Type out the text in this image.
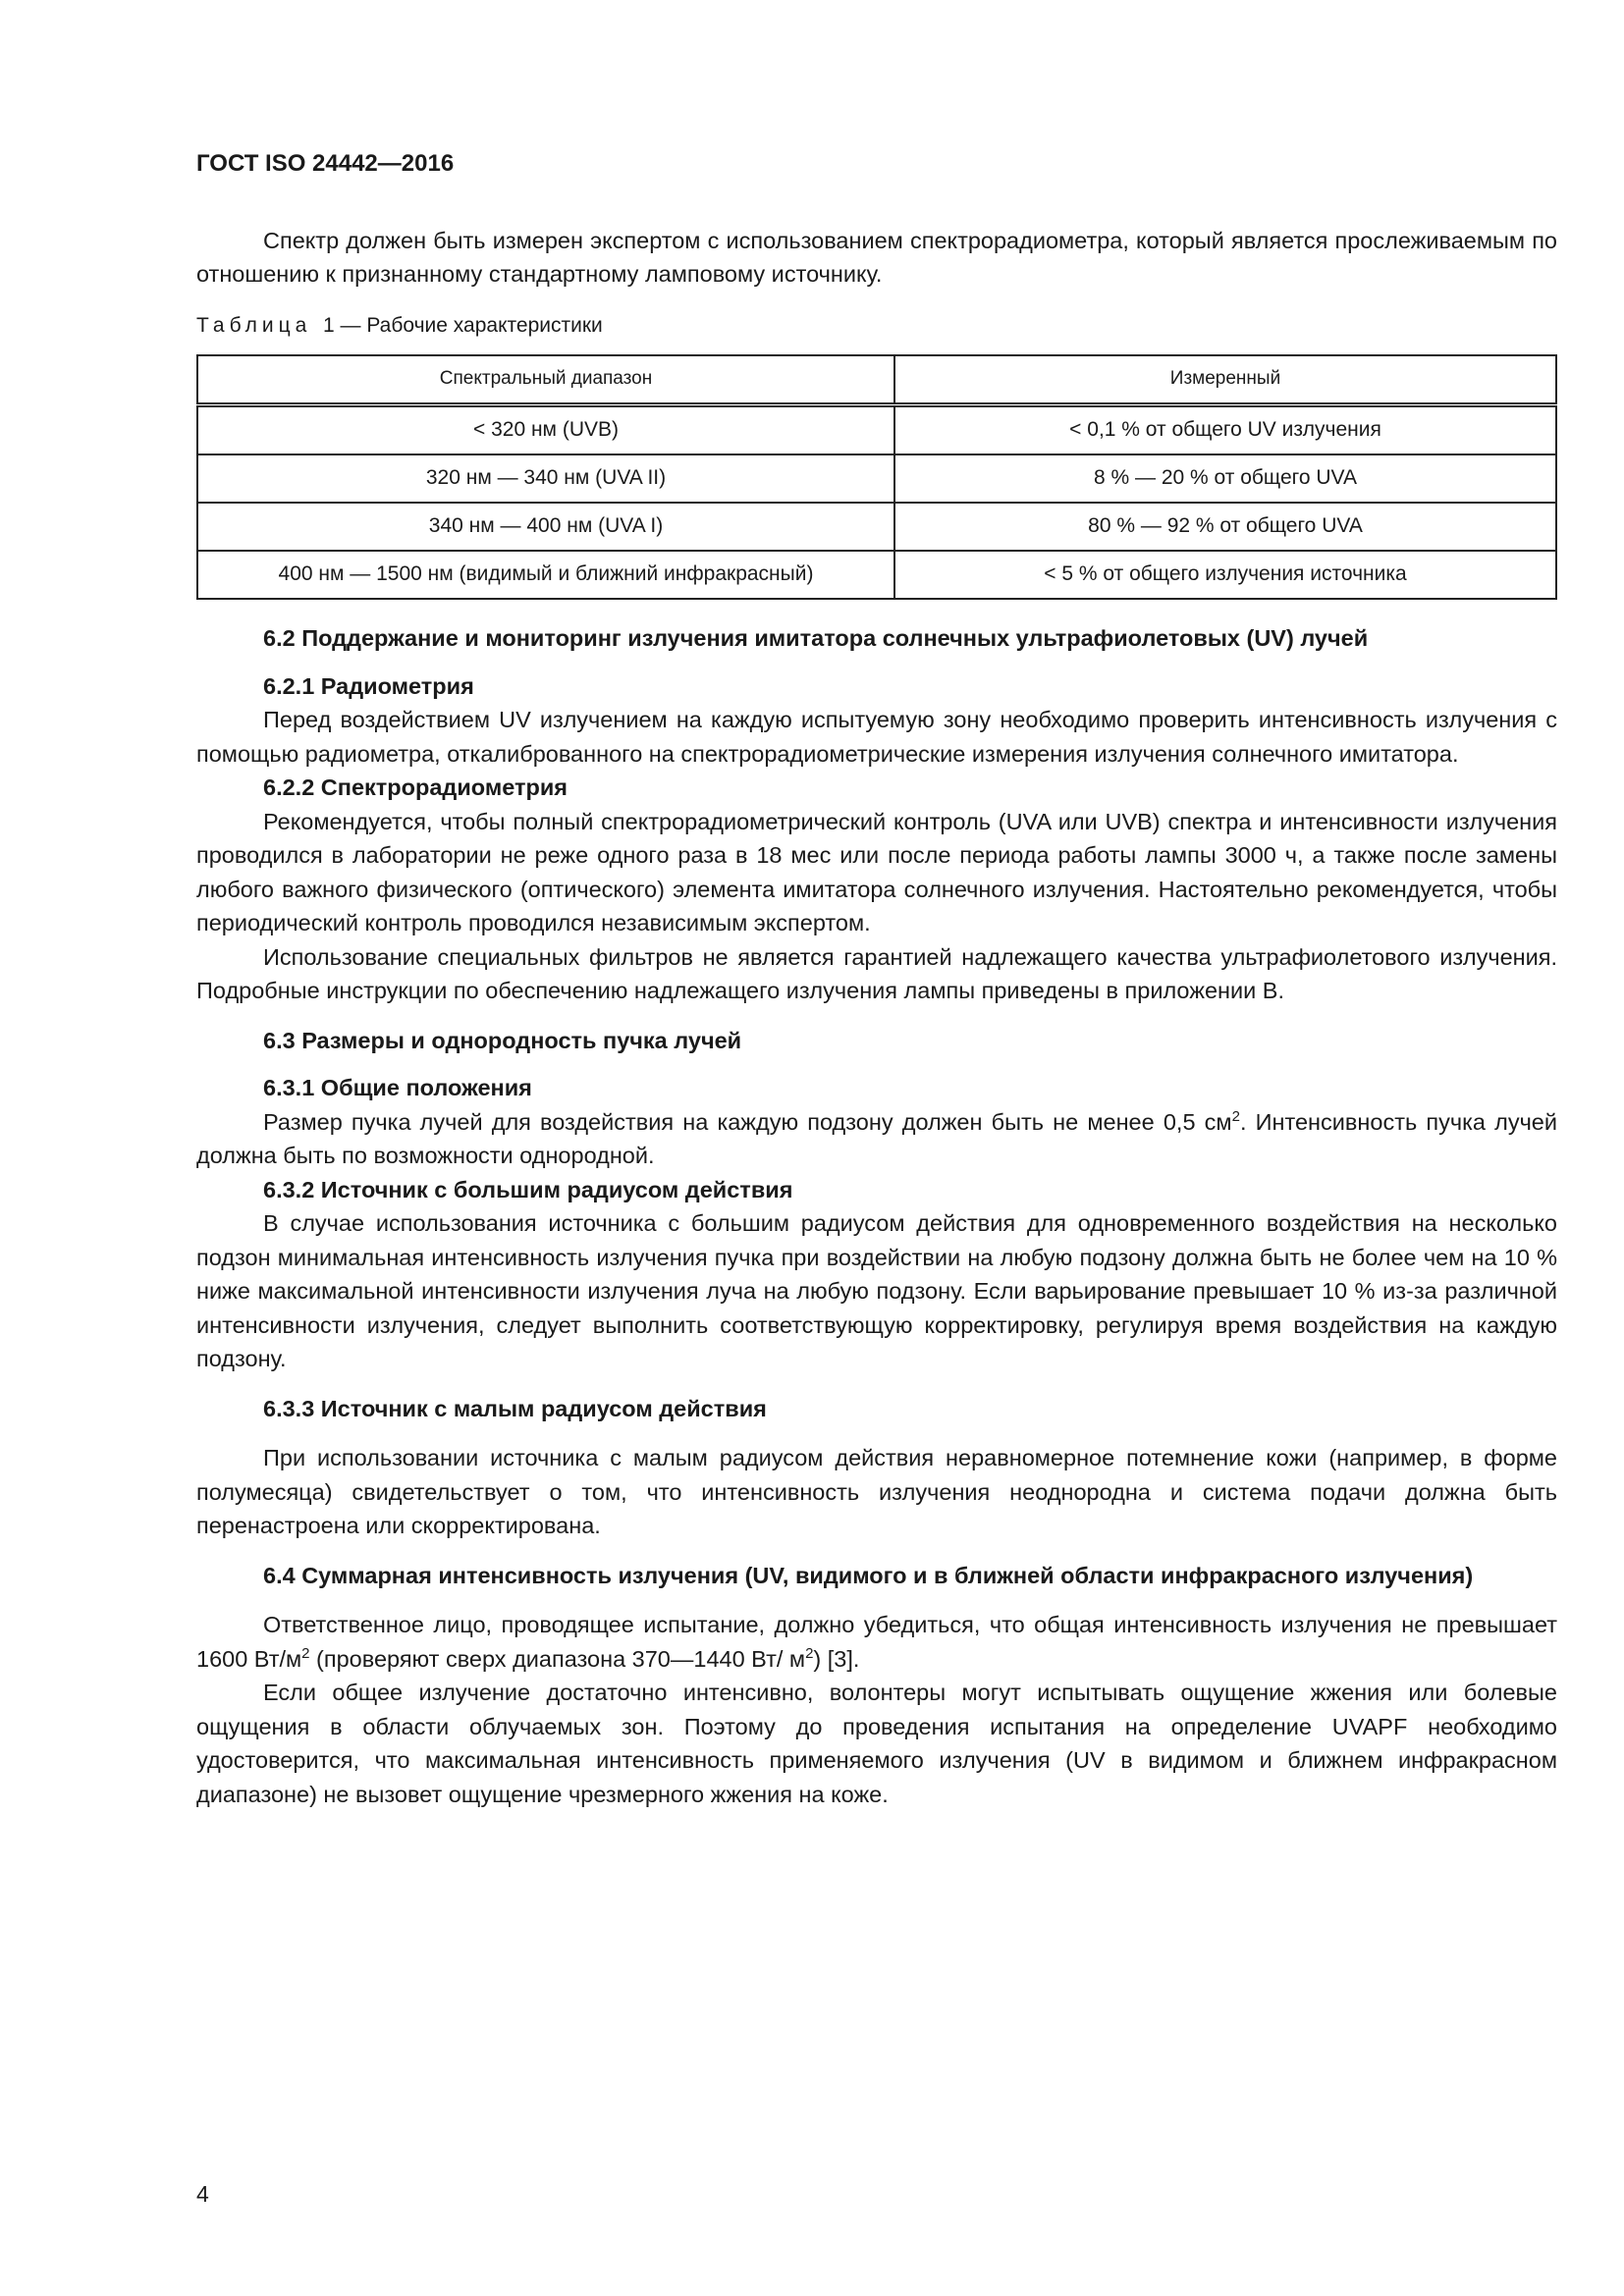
ГОСТ ISO 24442—2016

Спектр должен быть измерен экспертом с использованием спектрорадиометра, который является прослеживаемым по отношению к признанному стандартному ламповому источнику.

Таблица 1 — Рабочие характеристики
Спектральный диапазон	Измеренный
< 320 нм (UVB)	< 0,1 % от общего UV излучения
320 нм — 340 нм (UVA II)	8 % — 20 % от общего UVA
340 нм — 400 нм (UVA I)	80 % — 92 % от общего UVA
400 нм — 1500 нм (видимый и ближний инфракрасный)	< 5 % от общего излучения источника

6.2 Поддержание и мониторинг излучения имитатора солнечных ультрафиолетовых (UV) лучей

6.2.1 Радиометрия

Перед воздействием UV излучением на каждую испытуемую зону необходимо проверить интенсивность излучения с помощью радиометра, откалиброванного на спектрорадиометрические измерения излучения солнечного имитатора.

6.2.2 Спектрорадиометрия

Рекомендуется, чтобы полный спектрорадиометрический контроль (UVA или UVB) спектра и интенсивности излучения проводился в лаборатории не реже одного раза в 18 мес или после периода работы лампы 3000 ч, а также после замены любого важного физического (оптического) элемента имитатора солнечного излучения. Настоятельно рекомендуется, чтобы периодический контроль проводился независимым экспертом.

Использование специальных фильтров не является гарантией надлежащего качества ультрафиолетового излучения. Подробные инструкции по обеспечению надлежащего излучения лампы приведены в приложении В.

6.3 Размеры и однородность пучка лучей

6.3.1 Общие положения

Размер пучка лучей для воздействия на каждую подзону должен быть не менее 0,5 $см^2$. Интенсивность пучка лучей должна быть по возможности однородной.

6.3.2 Источник с большим радиусом действия

В случае использования источника с большим радиусом действия для одновременного воздействия на несколько подзон минимальная интенсивность излучения пучка при воздействии на любую подзону должна быть не более чем на 10 % ниже максимальной интенсивности излучения луча на любую подзону. Если варьирование превышает 10 % из-за различной интенсивности излучения, следует выполнить соответствующую корректировку, регулируя время воздействия на каждую подзону.

6.3.3 Источник с малым радиусом действия

При использовании источника с малым радиусом действия неравномерное потемнение кожи (например, в форме полумесяца) свидетельствует о том, что интенсивность излучения неоднородна и система подачи должна быть перенастроена или скорректирована.

6.4 Суммарная интенсивность излучения (UV, видимого и в ближней области инфракрасного излучения)

Ответственное лицо, проводящее испытание, должно убедиться, что общая интенсивность излучения не превышает 1600 $Вт/м^2$ (проверяют сверх диапазона 370—1440 Вт/ $м^2$) [3].

Если общее излучение достаточно интенсивно, волонтеры могут испытывать ощущение жжения или болевые ощущения в области облучаемых зон. Поэтому до проведения испытания на определение UVAPF необходимо удостоверится, что максимальная интенсивность применяемого излучения (UV в видимом и ближнем инфракрасном диапазоне) не вызовет ощущение чрезмерного жжения на коже.

4
